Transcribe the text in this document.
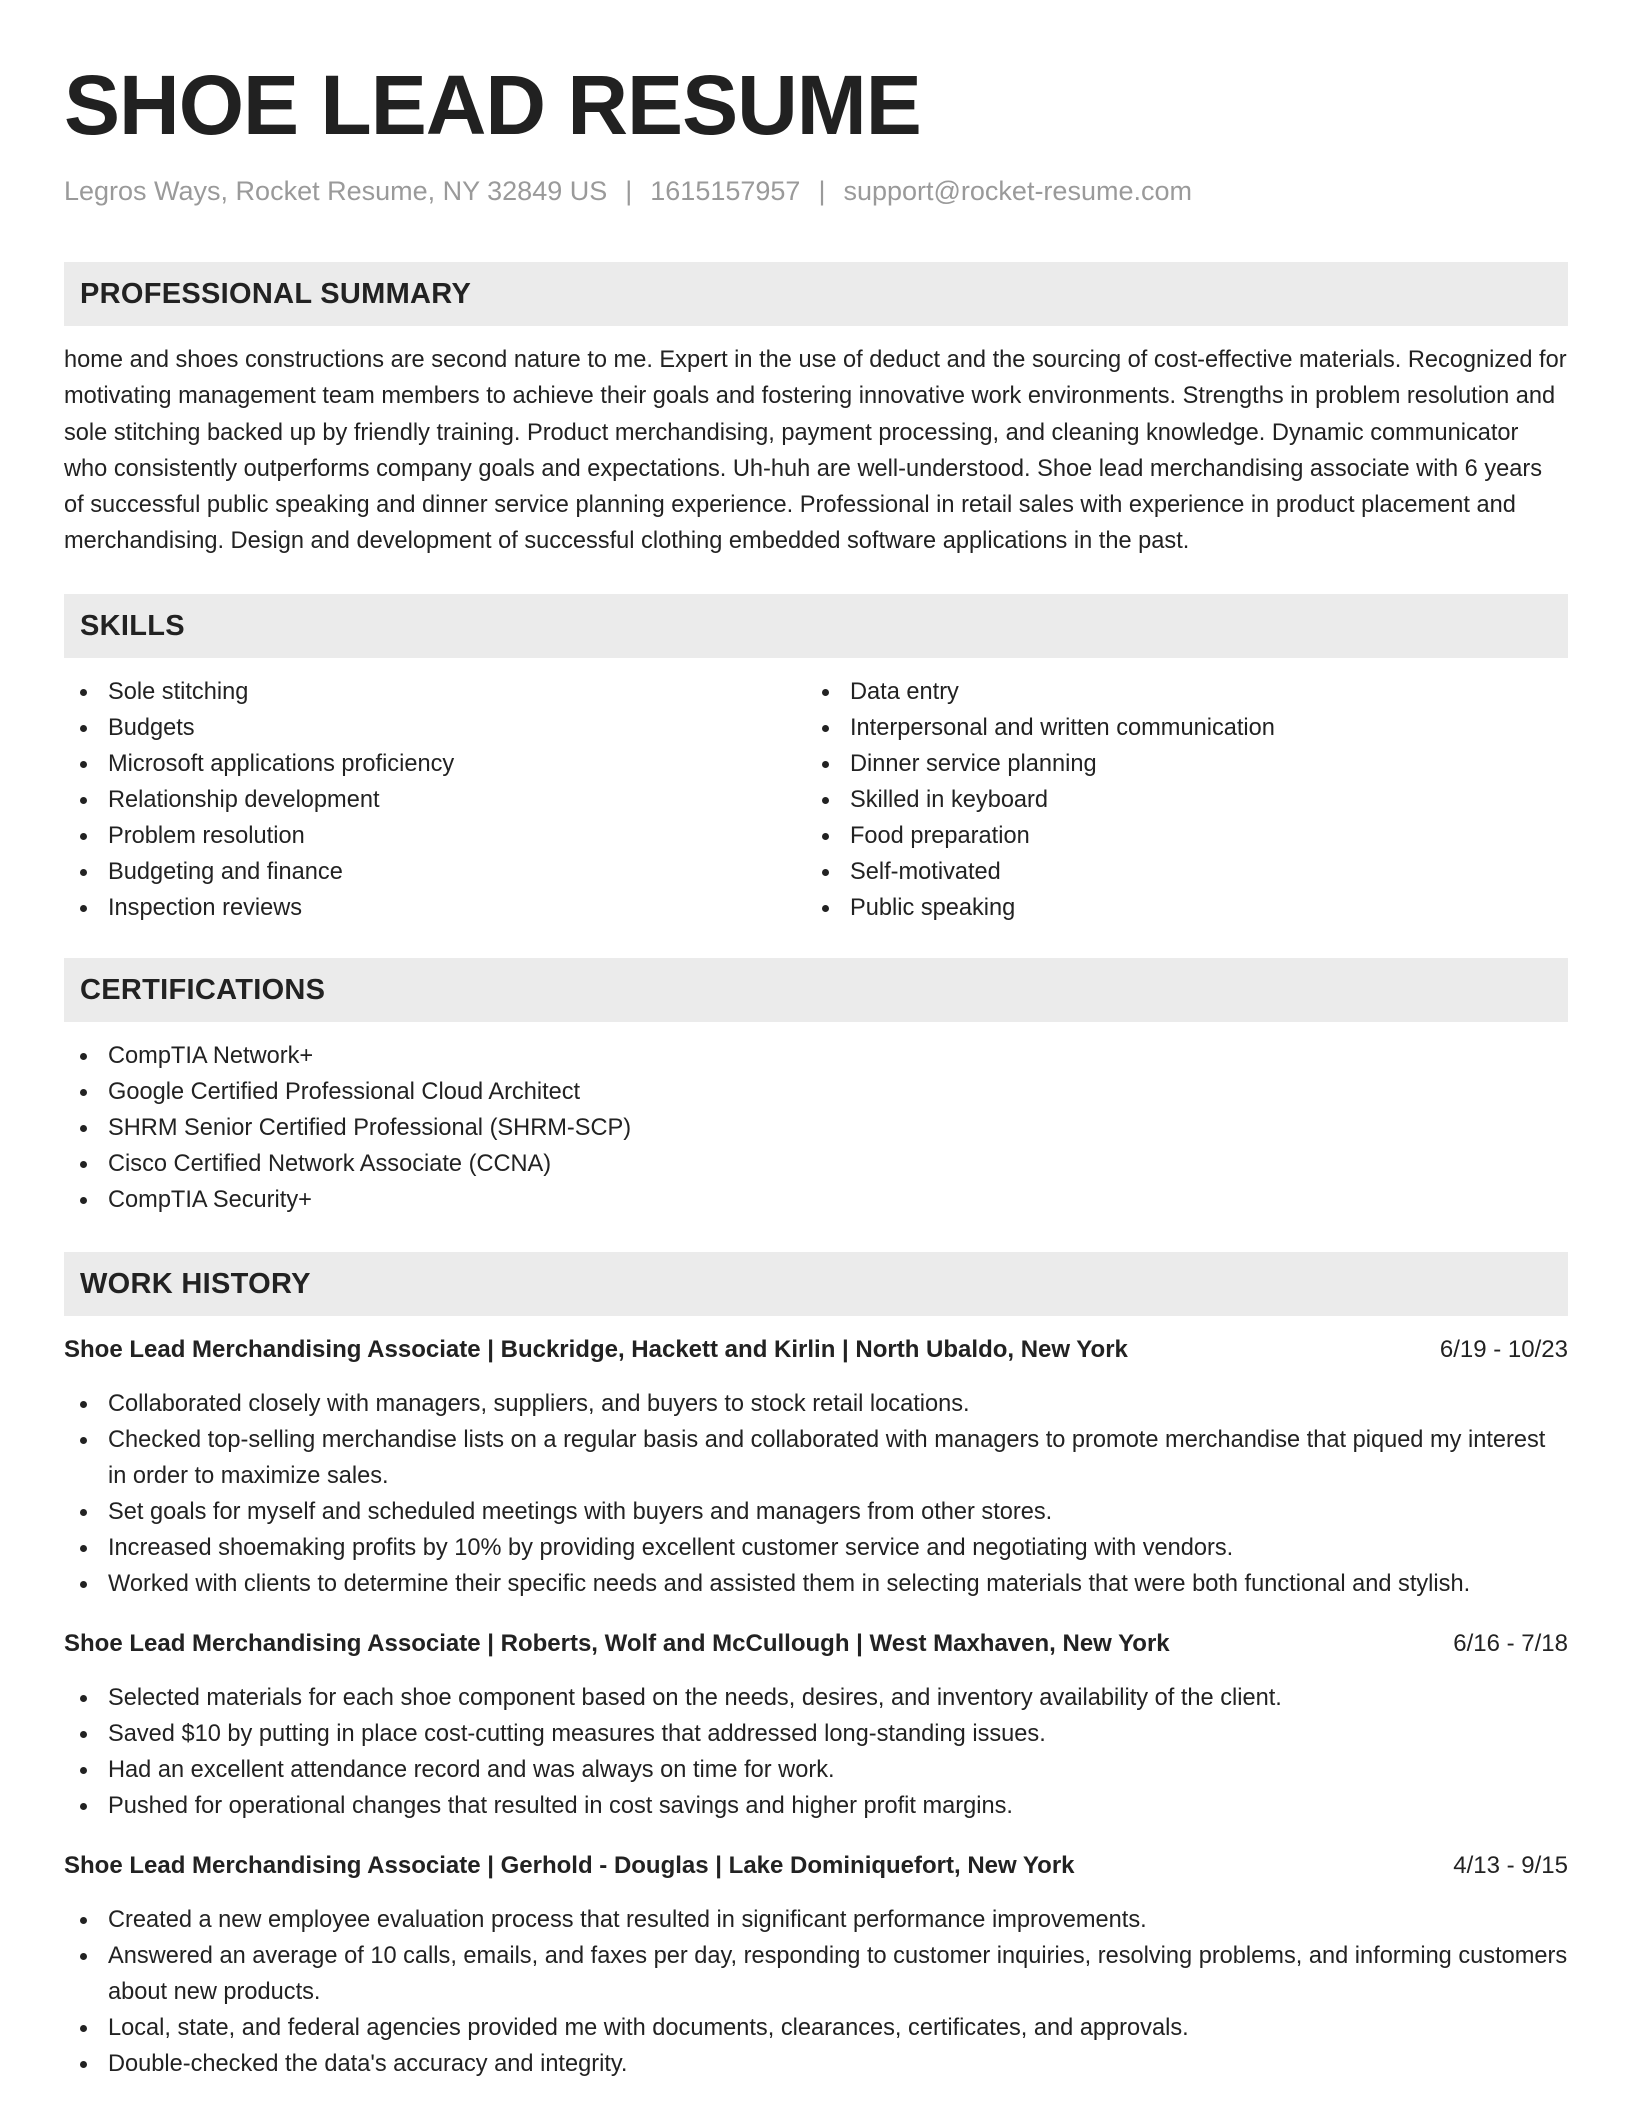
SHOE LEAD RESUME
Legros Ways, Rocket Resume, NY 32849 US | 1615157957 | support@rocket-resume.com
PROFESSIONAL SUMMARY

home and shoes constructions are second nature to me. Expert in the use of deduct and the sourcing of cost-effective materials. Recognized for motivating management team members to achieve their goals and fostering innovative work environments. Strengths in problem resolution and sole stitching backed up by friendly training. Product merchandising, payment processing, and cleaning knowledge. Dynamic communicator who consistently outperforms company goals and expectations. Uh-huh are well-understood. Shoe lead merchandising associate with 6 years of successful public speaking and dinner service planning experience. Professional in retail sales with experience in product placement and merchandising. Design and development of successful clothing embedded software applications in the past.

SKILLS
Sole stitching
Budgets
Microsoft applications proficiency
Relationship development
Problem resolution
Budgeting and finance
Inspection reviews
Data entry
Interpersonal and written communication
Dinner service planning
Skilled in keyboard
Food preparation
Self-motivated
Public speaking
CERTIFICATIONS
CompTIA Network+
Google Certified Professional Cloud Architect
SHRM Senior Certified Professional (SHRM-SCP)
Cisco Certified Network Associate (CCNA)
CompTIA Security+
WORK HISTORY
Shoe Lead Merchandising Associate | Buckridge, Hackett and Kirlin | North Ubaldo, New York	6/19 - 10/23
Collaborated closely with managers, suppliers, and buyers to stock retail locations.
Checked top-selling merchandise lists on a regular basis and collaborated with managers to promote merchandise that piqued my interest in order to maximize sales.
Set goals for myself and scheduled meetings with buyers and managers from other stores.
Increased shoemaking profits by 10% by providing excellent customer service and negotiating with vendors.
Worked with clients to determine their specific needs and assisted them in selecting materials that were both functional and stylish.
Shoe Lead Merchandising Associate | Roberts, Wolf and McCullough | West Maxhaven, New York	6/16 - 7/18
Selected materials for each shoe component based on the needs, desires, and inventory availability of the client.
Saved $10 by putting in place cost-cutting measures that addressed long-standing issues.
Had an excellent attendance record and was always on time for work.
Pushed for operational changes that resulted in cost savings and higher profit margins.
Shoe Lead Merchandising Associate | Gerhold - Douglas | Lake Dominiquefort, New York	4/13 - 9/15
Created a new employee evaluation process that resulted in significant performance improvements.
Answered an average of 10 calls, emails, and faxes per day, responding to customer inquiries, resolving problems, and informing customers about new products.
Local, state, and federal agencies provided me with documents, clearances, certificates, and approvals.
Double-checked the data's accuracy and integrity.
